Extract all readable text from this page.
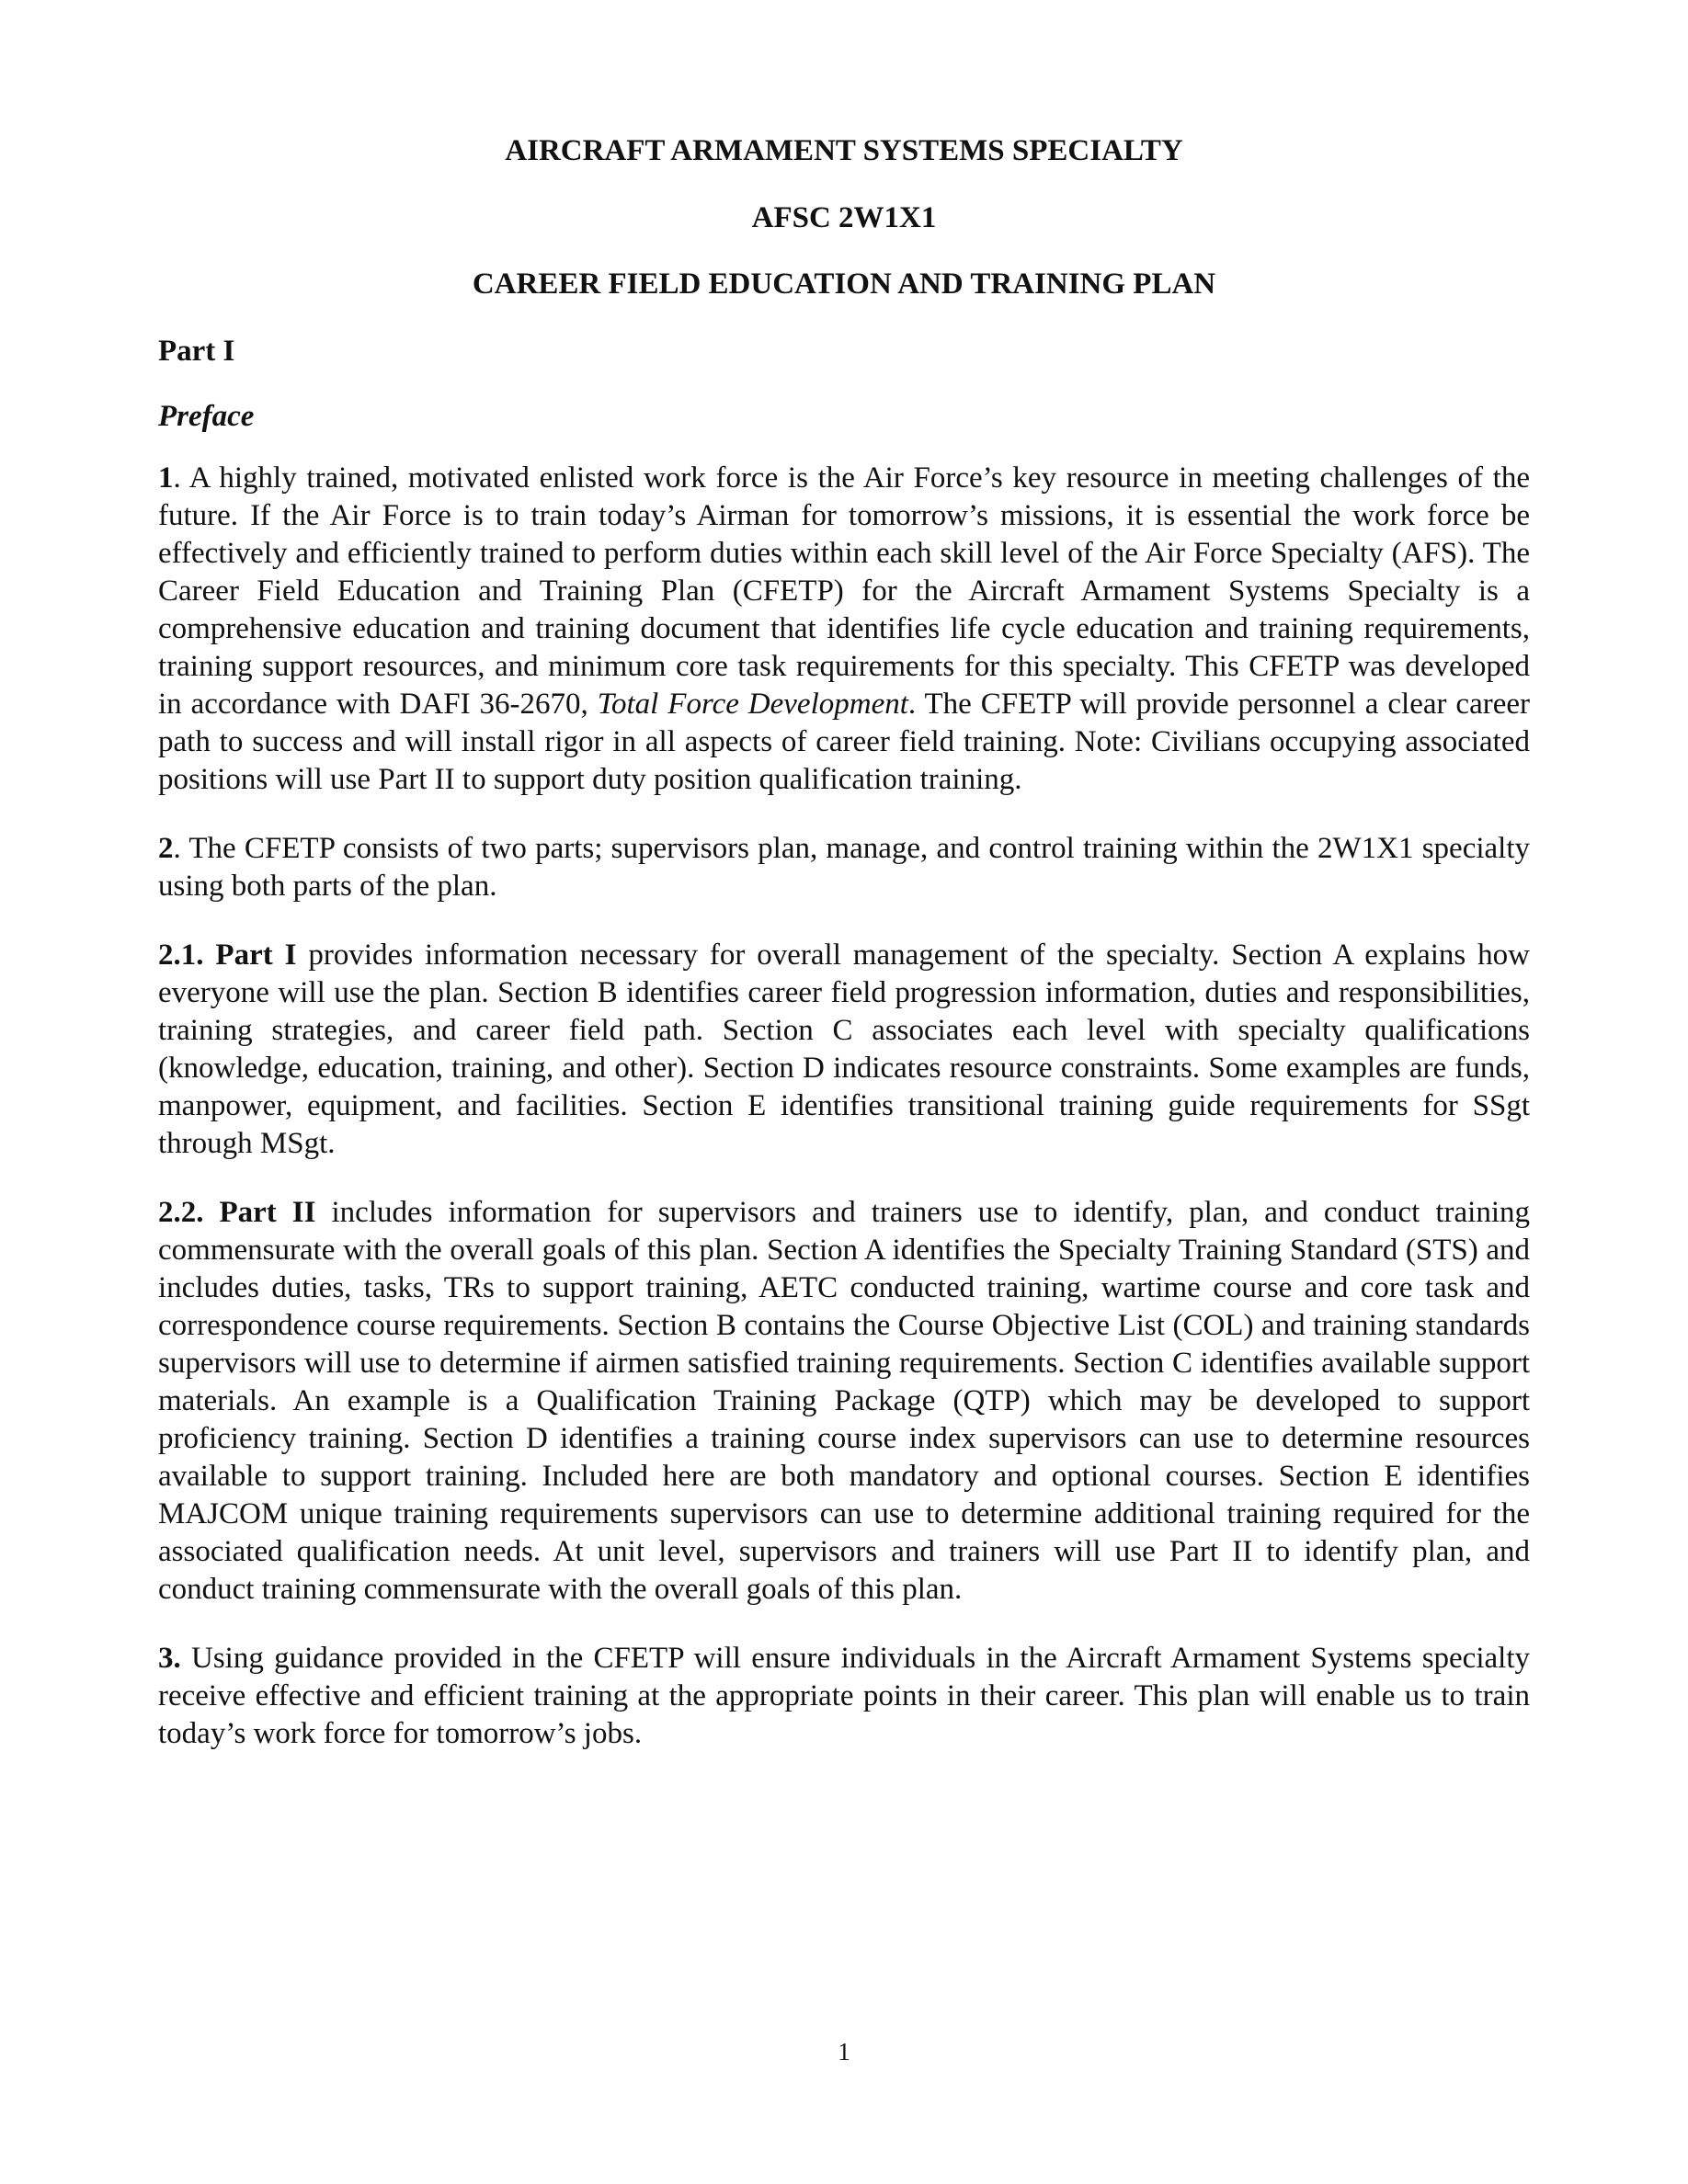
AIRCRAFT ARMAMENT SYSTEMS SPECIALTY
AFSC 2W1X1
CAREER FIELD EDUCATION AND TRAINING PLAN
Part I
Preface

1. A highly trained, motivated enlisted work force is the Air Force’s key resource in meeting challenges of the future. If the Air Force is to train today’s Airman for tomorrow’s missions, it is essential the work force be effectively and efficiently trained to perform duties within each skill level of the Air Force Specialty (AFS). The Career Field Education and Training Plan (CFETP) for the Aircraft Armament Systems Specialty is a comprehensive education and training document that identifies life cycle education and training requirements, training support resources, and minimum core task requirements for this specialty. This CFETP was developed in accordance with DAFI 36-2670, Total Force Development. The CFETP will provide personnel a clear career path to success and will install rigor in all aspects of career field training. Note: Civilians occupying associated positions will use Part II to support duty position qualification training.

2. The CFETP consists of two parts; supervisors plan, manage, and control training within the 2W1X1 specialty using both parts of the plan.

2.1. Part I provides information necessary for overall management of the specialty. Section A explains how everyone will use the plan. Section B identifies career field progression information, duties and responsibilities, training strategies, and career field path. Section C associates each level with specialty qualifications (knowledge, education, training, and other). Section D indicates resource constraints. Some examples are funds, manpower, equipment, and facilities. Section E identifies transitional training guide requirements for SSgt through MSgt.

2.2. Part II includes information for supervisors and trainers use to identify, plan, and conduct training commensurate with the overall goals of this plan. Section A identifies the Specialty Training Standard (STS) and includes duties, tasks, TRs to support training, AETC conducted training, wartime course and core task and correspondence course requirements. Section B contains the Course Objective List (COL) and training standards supervisors will use to determine if airmen satisfied training requirements. Section C identifies available support materials. An example is a Qualification Training Package (QTP) which may be developed to support proficiency training. Section D identifies a training course index supervisors can use to determine resources available to support training. Included here are both mandatory and optional courses. Section E identifies MAJCOM unique training requirements supervisors can use to determine additional training required for the associated qualification needs. At unit level, supervisors and trainers will use Part II to identify plan, and conduct training commensurate with the overall goals of this plan.

3. Using guidance provided in the CFETP will ensure individuals in the Aircraft Armament Systems specialty receive effective and efficient training at the appropriate points in their career. This plan will enable us to train today’s work force for tomorrow’s jobs.

1
